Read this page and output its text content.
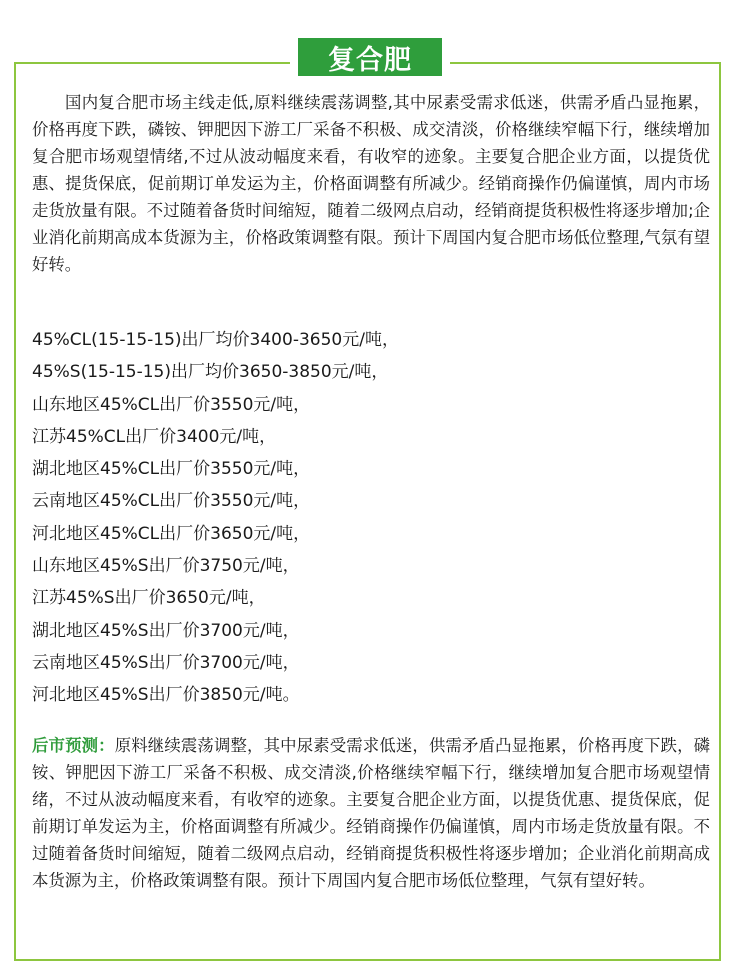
复合肥

国内复合肥市场主线走低,原料继续震荡调整,其中尿素受需求低迷，供需矛盾凸显拖累，价格再度下跌，磷铵、钾肥因下游工厂采备不积极、成交清淡，价格继续窄幅下行，继续增加复合肥市场观望情绪,不过从波动幅度来看，有收窄的迹象。主要复合肥企业方面，以提货优惠、提货保底，促前期订单发运为主，价格面调整有所减少。经销商操作仍偏谨慎，周内市场走货放量有限。不过随着备货时间缩短，随着二级网点启动，经销商提货积极性将逐步增加;企业消化前期高成本货源为主，价格政策调整有限。预计下周国内复合肥市场低位整理,气氛有望好转。

45%CL(15-15-15)出厂均价3400-3650元/吨，
45%S(15-15-15)出厂均价3650-3850元/吨，
山东地区45%CL出厂价3550元/吨，
江苏45%CL出厂价3400元/吨，
湖北地区45%CL出厂价3550元/吨，
云南地区45%CL出厂价3550元/吨，
河北地区45%CL出厂价3650元/吨，
山东地区45%S出厂价3750元/吨，
江苏45%S出厂价3650元/吨，
湖北地区45%S出厂价3700元/吨，
云南地区45%S出厂价3700元/吨，
河北地区45%S出厂价3850元/吨。

后市预测：原料继续震荡调整，其中尿素受需求低迷，供需矛盾凸显拖累，价格再度下跌，磷铵、钾肥因下游工厂采备不积极、成交清淡,价格继续窄幅下行，继续增加复合肥市场观望情绪，不过从波动幅度来看，有收窄的迹象。主要复合肥企业方面，以提货优惠、提货保底，促前期订单发运为主，价格面调整有所减少。经销商操作仍偏谨慎，周内市场走货放量有限。不过随着备货时间缩短，随着二级网点启动，经销商提货积极性将逐步增加；企业消化前期高成本货源为主，价格政策调整有限。预计下周国内复合肥市场低位整理，气氛有望好转。
